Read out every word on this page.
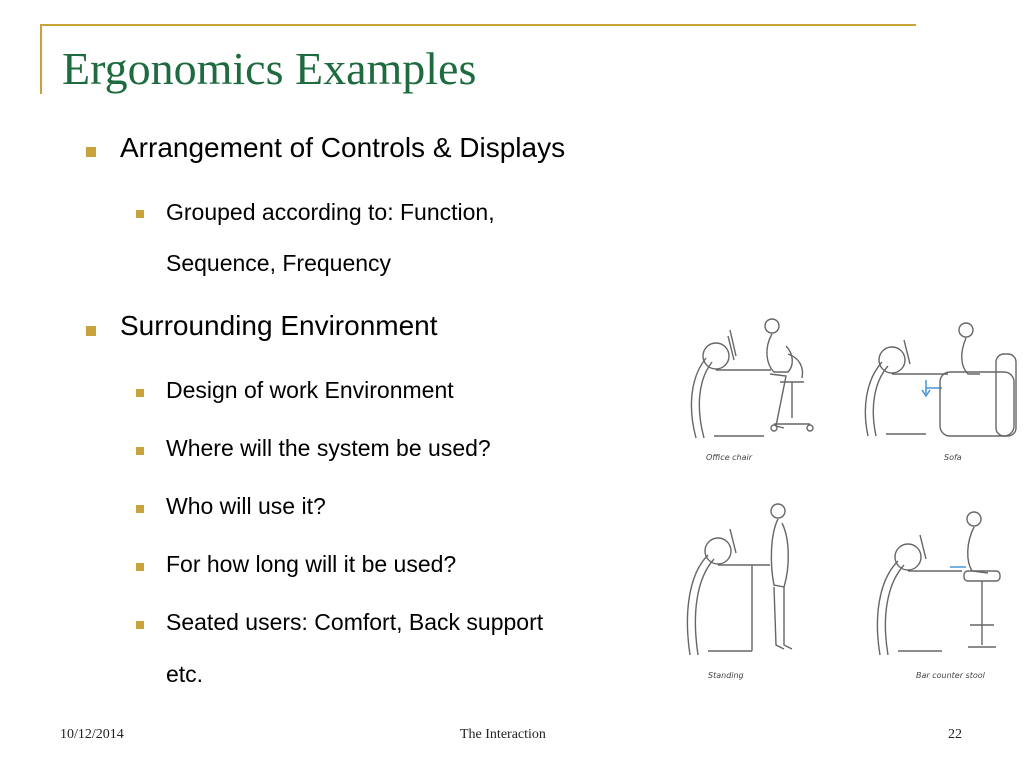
Ergonomics Examples
Arrangement of Controls & Displays
Grouped according to: Function,
Sequence, Frequency
Surrounding Environment
Design of work Environment
Where will the system be used?
Who will use it?
For how long will it be used?
Seated users: Comfort, Back support
etc.
Office chair	Sofa
Standing	Bar counter stool
10/12/2014	The Interaction	22
